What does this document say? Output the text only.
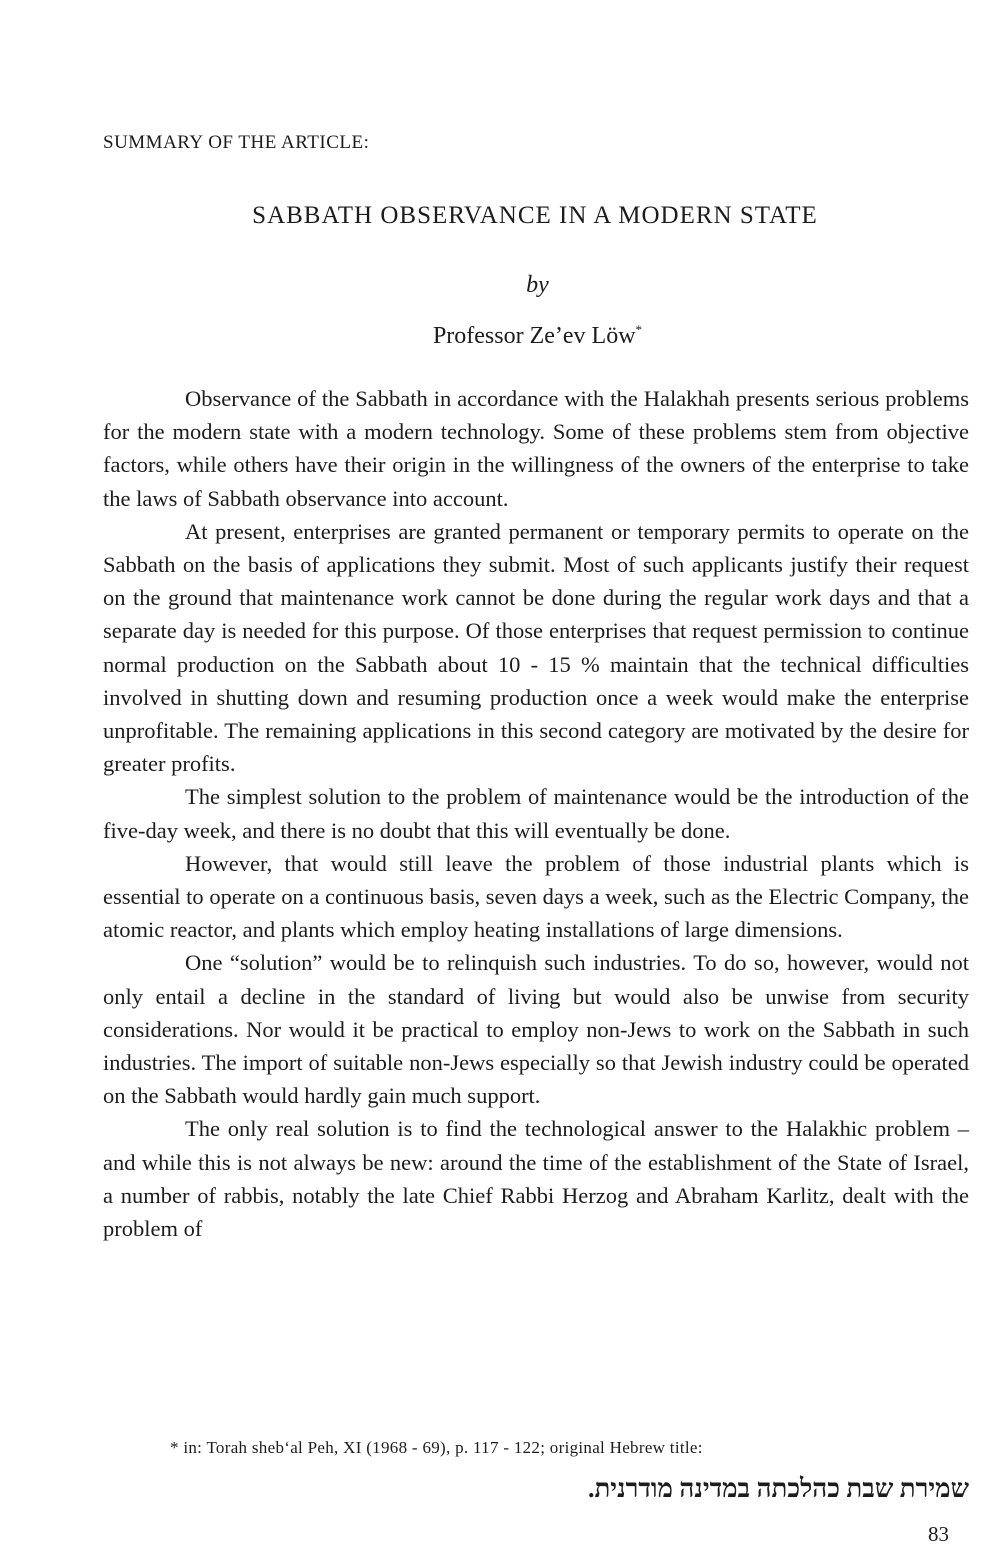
SUMMARY OF THE ARTICLE:
SABBATH OBSERVANCE IN A MODERN STATE
by
Professor Ze’ev Löw*

Observance of the Sabbath in accordance with the Halakhah presents serious problems for the modern state with a modern technology. Some of these problems stem from objective factors, while others have their origin in the willingness of the owners of the enterprise to take the laws of Sabbath observance into account.

At present, enterprises are granted permanent or temporary permits to operate on the Sabbath on the basis of applications they submit. Most of such applicants justify their request on the ground that maintenance work cannot be done during the regular work days and that a separate day is needed for this purpose. Of those enterprises that request permission to continue normal production on the Sabbath about 10 - 15 % maintain that the technical difficulties involved in shutting down and resuming production once a week would make the enterprise unprofitable. The remaining applications in this second category are motivated by the desire for greater profits.

The simplest solution to the problem of maintenance would be the introduction of the five-day week, and there is no doubt that this will eventually be done.

However, that would still leave the problem of those industrial plants which is essential to operate on a continuous basis, seven days a week, such as the Electric Company, the atomic reactor, and plants which employ heating installations of large dimensions.

One “solution” would be to relinquish such industries. To do so, however, would not only entail a decline in the standard of living but would also be unwise from security considerations. Nor would it be practical to employ non-Jews to work on the Sabbath in such industries. The import of suitable non-Jews especially so that Jewish industry could be operated on the Sabbath would hardly gain much support.

The only real solution is to find the technological answer to the Halakhic problem – and while this is not always be new: around the time of the establishment of the State of Israel, a number of rabbis, notably the late Chief Rabbi Herzog and Abraham Karlitz, dealt with the problem of

* in: Torah sheb‘al Peh, XI (1968 - 69), p. 117 - 122; original Hebrew title:
שמירת שבת כהלכתה במדינה מודרנית.
83
